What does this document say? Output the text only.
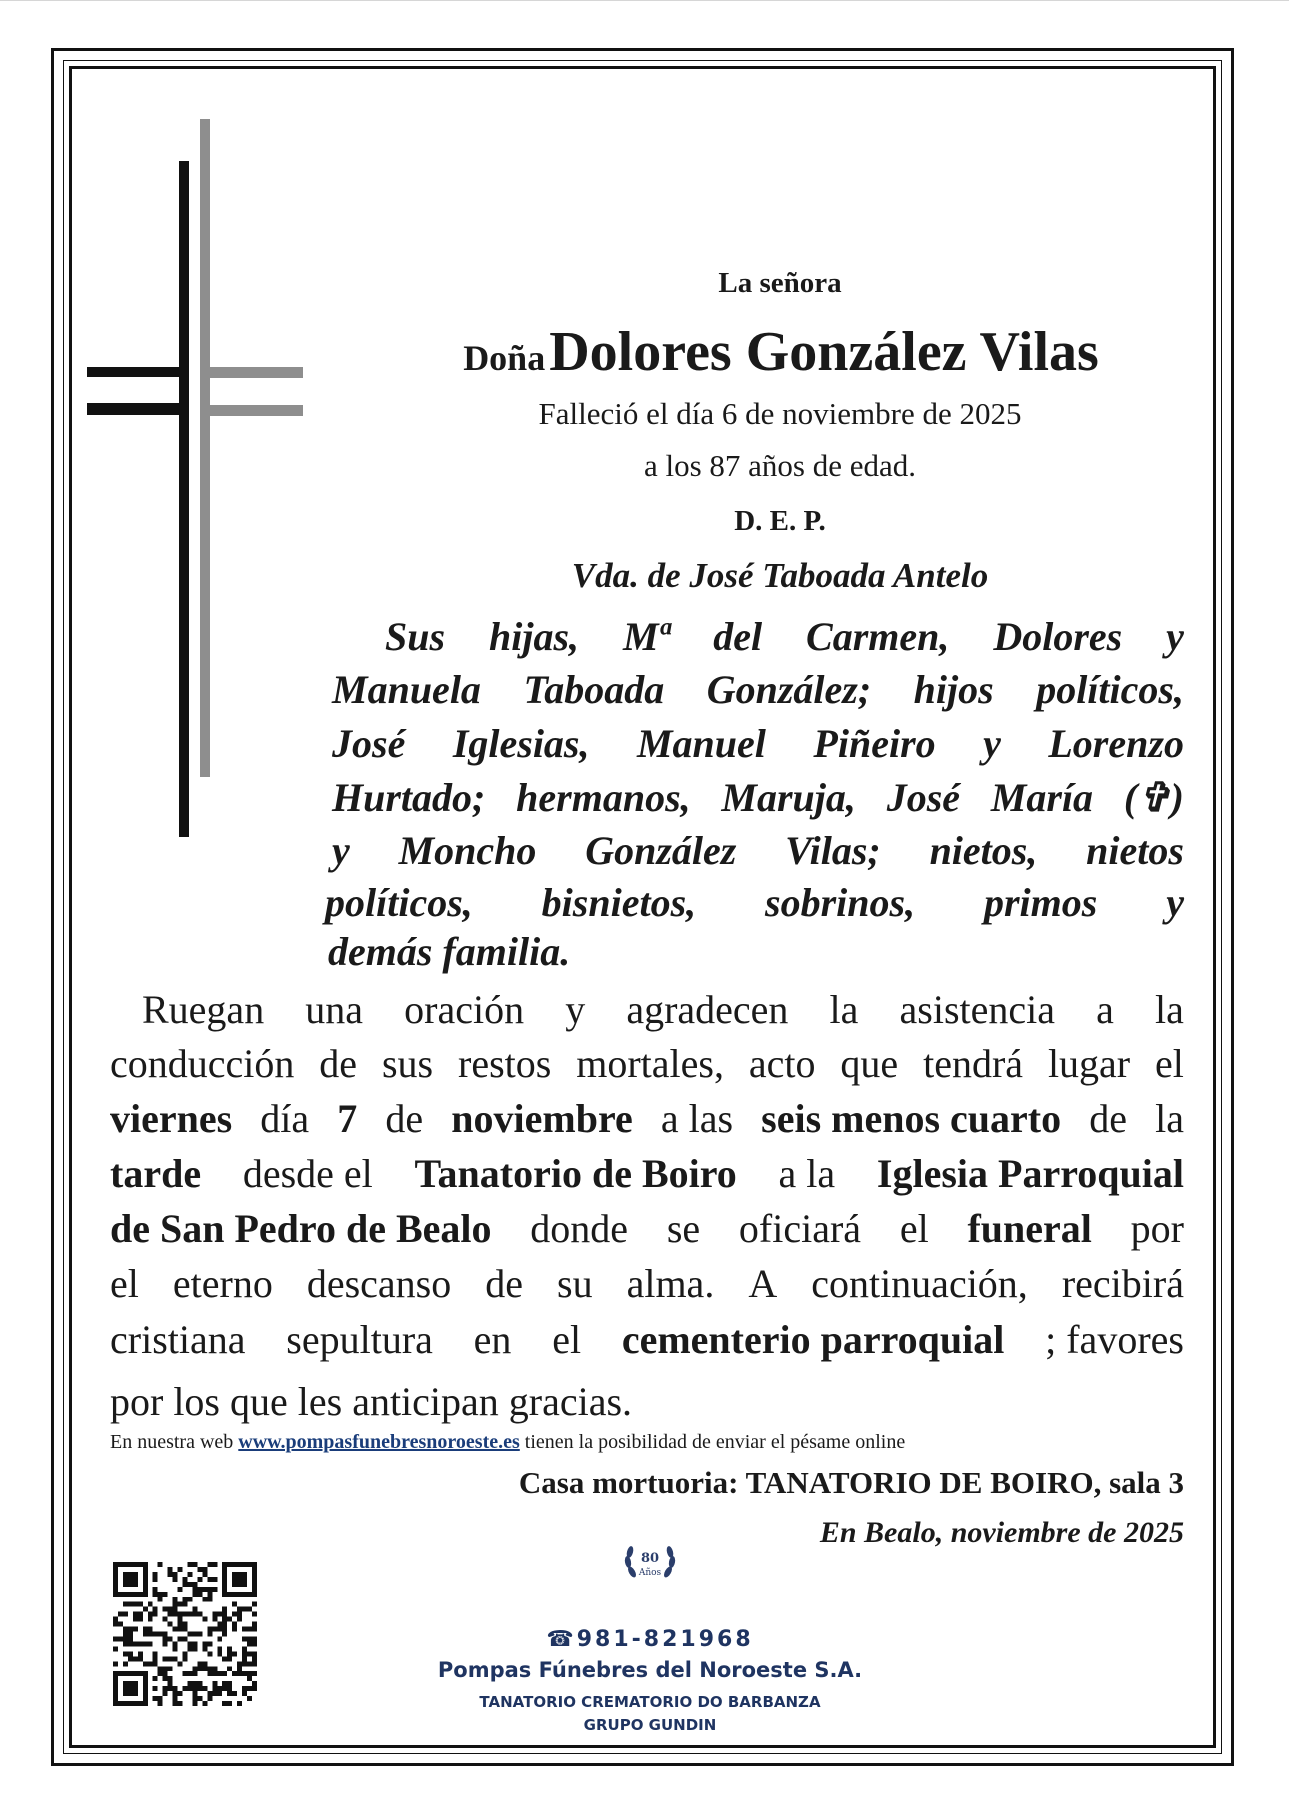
La señora
Doña Dolores González Vilas
Falleció el día 6 de noviembre de 2025
a los 87 años de edad.
D. E. P.
Vda. de José Taboada Antelo
Sus hijas, Mª del Carmen, Dolores y
Manuela Taboada González; hijos políticos,
José Iglesias, Manuel Piñeiro y Lorenzo
Hurtado; hermanos, Maruja, José María (✞)
y Moncho González Vilas; nietos, nietos
políticos, bisnietos, sobrinos, primos y
demás familia.
Ruegan una oración y agradecen la asistencia a la
conducción de sus restos mortales, acto que tendrá lugar el
viernes día 7 de noviembre a las seis menos cuarto de la
tarde desde el Tanatorio de Boiro a la Iglesia Parroquial
de San Pedro de Bealo donde se oficiará el funeral por
el eterno descanso de su alma. A continuación, recibirá
cristiana sepultura en el cementerio parroquial ; favores
por los que les anticipan gracias.
En nuestra web www.pompasfunebresnoroeste.es tienen la posibilidad de enviar el pésame online
Casa mortuoria: TANATORIO DE BOIRO, sala 3
En Bealo, noviembre de 2025
80
Años
☎981-821968
Pompas Fúnebres del Noroeste S.A.
TANATORIO CREMATORIO DO BARBANZA
GRUPO GUNDIN
